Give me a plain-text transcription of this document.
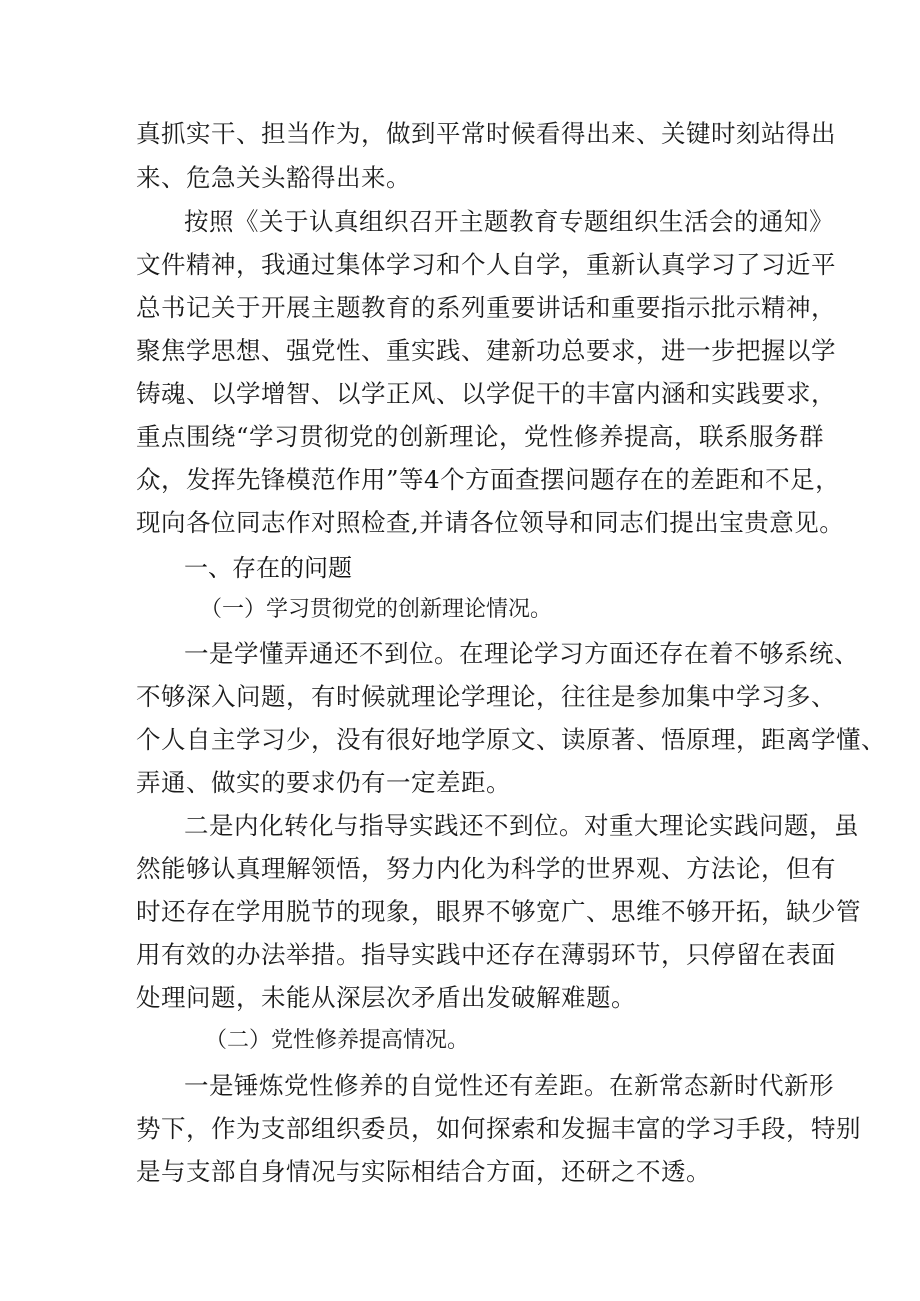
真抓实干、担当作为，做到平常时候看得出来、关键时刻站得出
来、危急关头豁得出来。
按照《关于认真组织召开主题教育专题组织生活会的通知》
文件精神，我通过集体学习和个人自学，重新认真学习了习近平
总书记关于开展主题教育的系列重要讲话和重要指示批示精神，
聚焦学思想、强党性、重实践、建新功总要求，进一步把握以学
铸魂、以学增智、以学正风、以学促干的丰富内涵和实践要求，
重点围绕“学习贯彻党的创新理论，党性修养提高，联系服务群
众，发挥先锋模范作用”等4个方面查摆问题存在的差距和不足，
现向各位同志作对照检查,并请各位领导和同志们提出宝贵意见。
一、存在的问题
（一）学习贯彻党的创新理论情况。
一是学懂弄通还不到位。在理论学习方面还存在着不够系统、
不够深入问题，有时候就理论学理论，往往是参加集中学习多、
个人自主学习少，没有很好地学原文、读原著、悟原理，距离学懂、
弄通、做实的要求仍有一定差距。
二是内化转化与指导实践还不到位。对重大理论实践问题，虽
然能够认真理解领悟，努力内化为科学的世界观、方法论，但有
时还存在学用脱节的现象，眼界不够宽广、思维不够开拓，缺少管
用有效的办法举措。指导实践中还存在薄弱环节，只停留在表面
处理问题，未能从深层次矛盾出发破解难题。
（二）党性修养提高情况。
一是锤炼党性修养的自觉性还有差距。在新常态新时代新形
势下，作为支部组织委员，如何探索和发掘丰富的学习手段，特别
是与支部自身情况与实际相结合方面，还研之不透。
